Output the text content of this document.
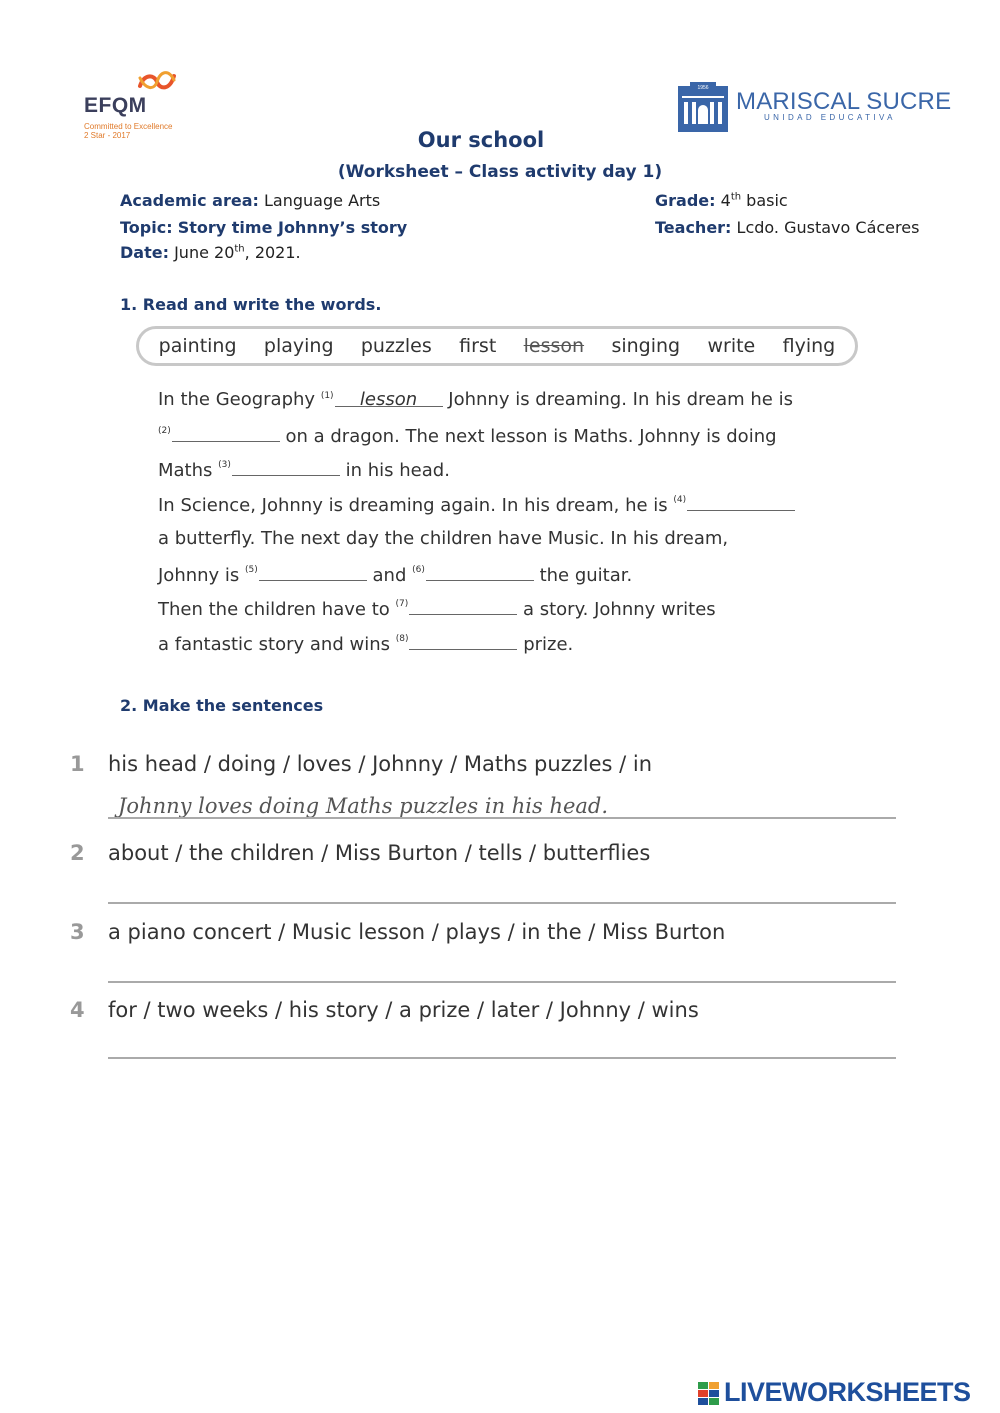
EFQM
Committed to Excellence
2 Star - 2017
1956 MARISCAL SUCRE
UNIDAD EDUCATIVA
Our school
(Worksheet – Class activity day 1)
Academic area: Language Arts	Grade: 4th basic
Topic: Story time Johnny’s story	Teacher: Lcdo. Gustavo Cáceres
Date: June 20th, 2021.
1. Read and write the words.
painting playing puzzles first lesson singing write flying
In the Geography $^{(1)}$ lesson Johnny is dreaming. In his dream he is
$^{(2)}$	on a dragon. The next lesson is Maths. Johnny is doing
Maths $^{(3)}$	in his head.
In Science, Johnny is dreaming again. In his dream, he is $^{(4)}$
a butterfly. The next day the children have Music. In his dream,
Johnny is $^{(5)}$	and $^{(6)}$	the guitar.
Then the children have to $^{(7)}$	a story. Johnny writes
a fantastic story and wins $^{(8)}$	prize.
2. Make the sentences
1 his head / doing / loves / Johnny / Maths puzzles / in
Johnny loves doing Maths puzzles in his head.
2 about / the children / Miss Burton / tells / butterflies
3 a piano concert / Music lesson / plays / in the / Miss Burton
4 for / two weeks / his story / a prize / later / Johnny / wins
LIVEWORKSHEETS
